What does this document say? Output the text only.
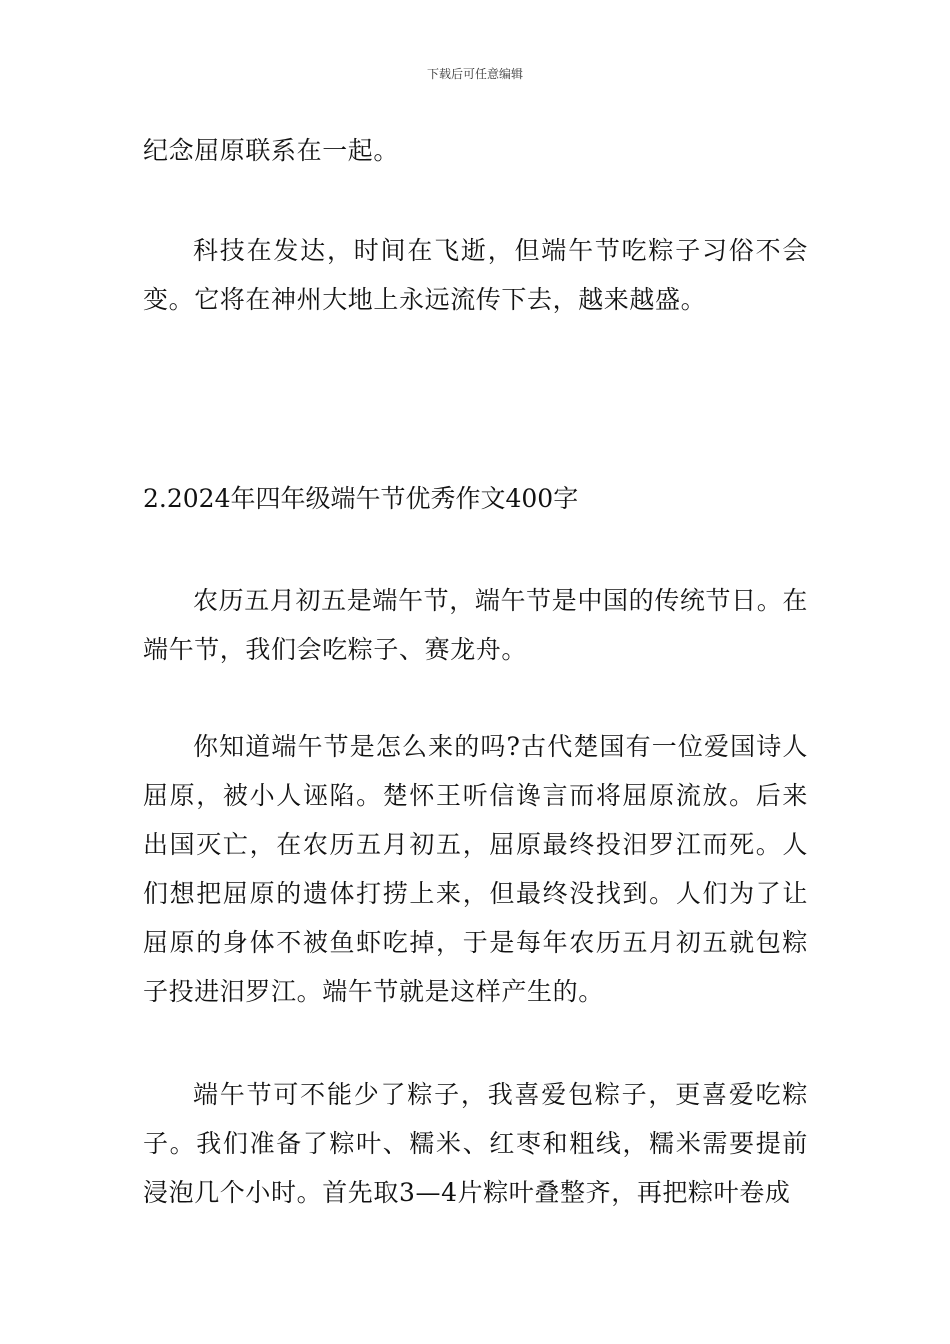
下载后可任意编辑

纪念屈原联系在一起。

科技在发达，时间在飞逝，但端午节吃粽子习俗不会变。它将在神州大地上永远流传下去，越来越盛。

2.2024年四年级端午节优秀作文400字

农历五月初五是端午节，端午节是中国的传统节日。在端午节，我们会吃粽子、赛龙舟。

你知道端午节是怎么来的吗?古代楚国有一位爱国诗人屈原，被小人诬陷。楚怀王听信谗言而将屈原流放。后来出国灭亡，在农历五月初五，屈原最终投汨罗江而死。人们想把屈原的遗体打捞上来，但最终没找到。人们为了让屈原的身体不被鱼虾吃掉，于是每年农历五月初五就包粽子投进汨罗江。端午节就是这样产生的。

端午节可不能少了粽子，我喜爱包粽子，更喜爱吃粽子。我们准备了粽叶、糯米、红枣和粗线，糯米需要提前浸泡几个小时。首先取3—4片粽叶叠整齐，再把粽叶卷成
